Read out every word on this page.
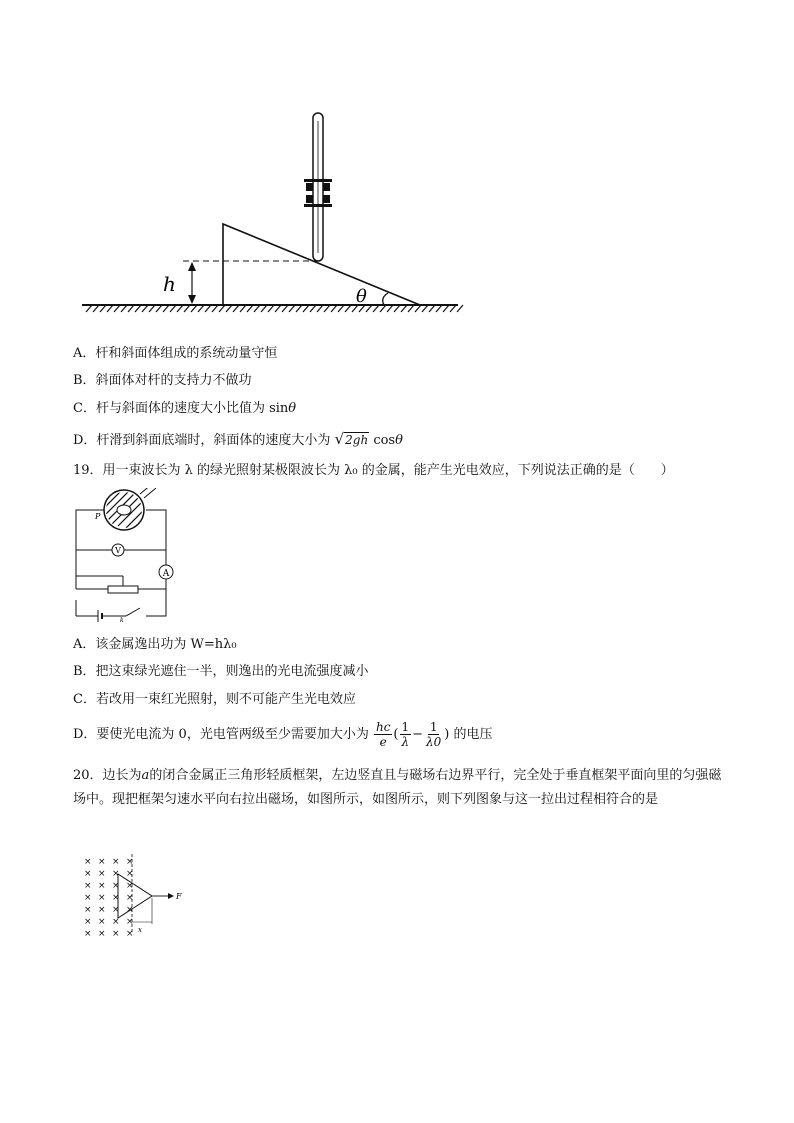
h
θ
A．杆和斜面体组成的系统动量守恒
B．斜面体对杆的支持力不做功
C．杆与斜面体的速度大小比值为 sinθ
D．杆滑到斜面底端时，斜面体的速度大小为 √2gh cosθ
19．用一束波长为 λ 的绿光照射某极限波长为 λ₀ 的金属，能产生光电效应，下列说法正确的是（　　）
A
V
P
k
A．该金属逸出功为 W=hλ₀
B．把这束绿光遮住一半，则逸出的光电流强度减小
C．若改用一束红光照射，则不可能产生光电效应
D．要使光电流为 0，光电管两级至少需要加大小为 $\frac{hc}{e}$ ( $\frac{1}{\lambda} - \frac{1}{\lambda 0}$ ) 的电压
20．边长为a的闭合金属正三角形轻质框架，左边竖直且与磁场右边界平行，完全处于垂直框架平面向里的匀强磁场中。现把框架匀速水平向右拉出磁场，如图所示，如图所示，则下列图象与这一拉出过程相符合的是
× × × ×
× × × ×
× × × ×
× × × ×
× × × ×
× × × ×
× × × ×
F
x
